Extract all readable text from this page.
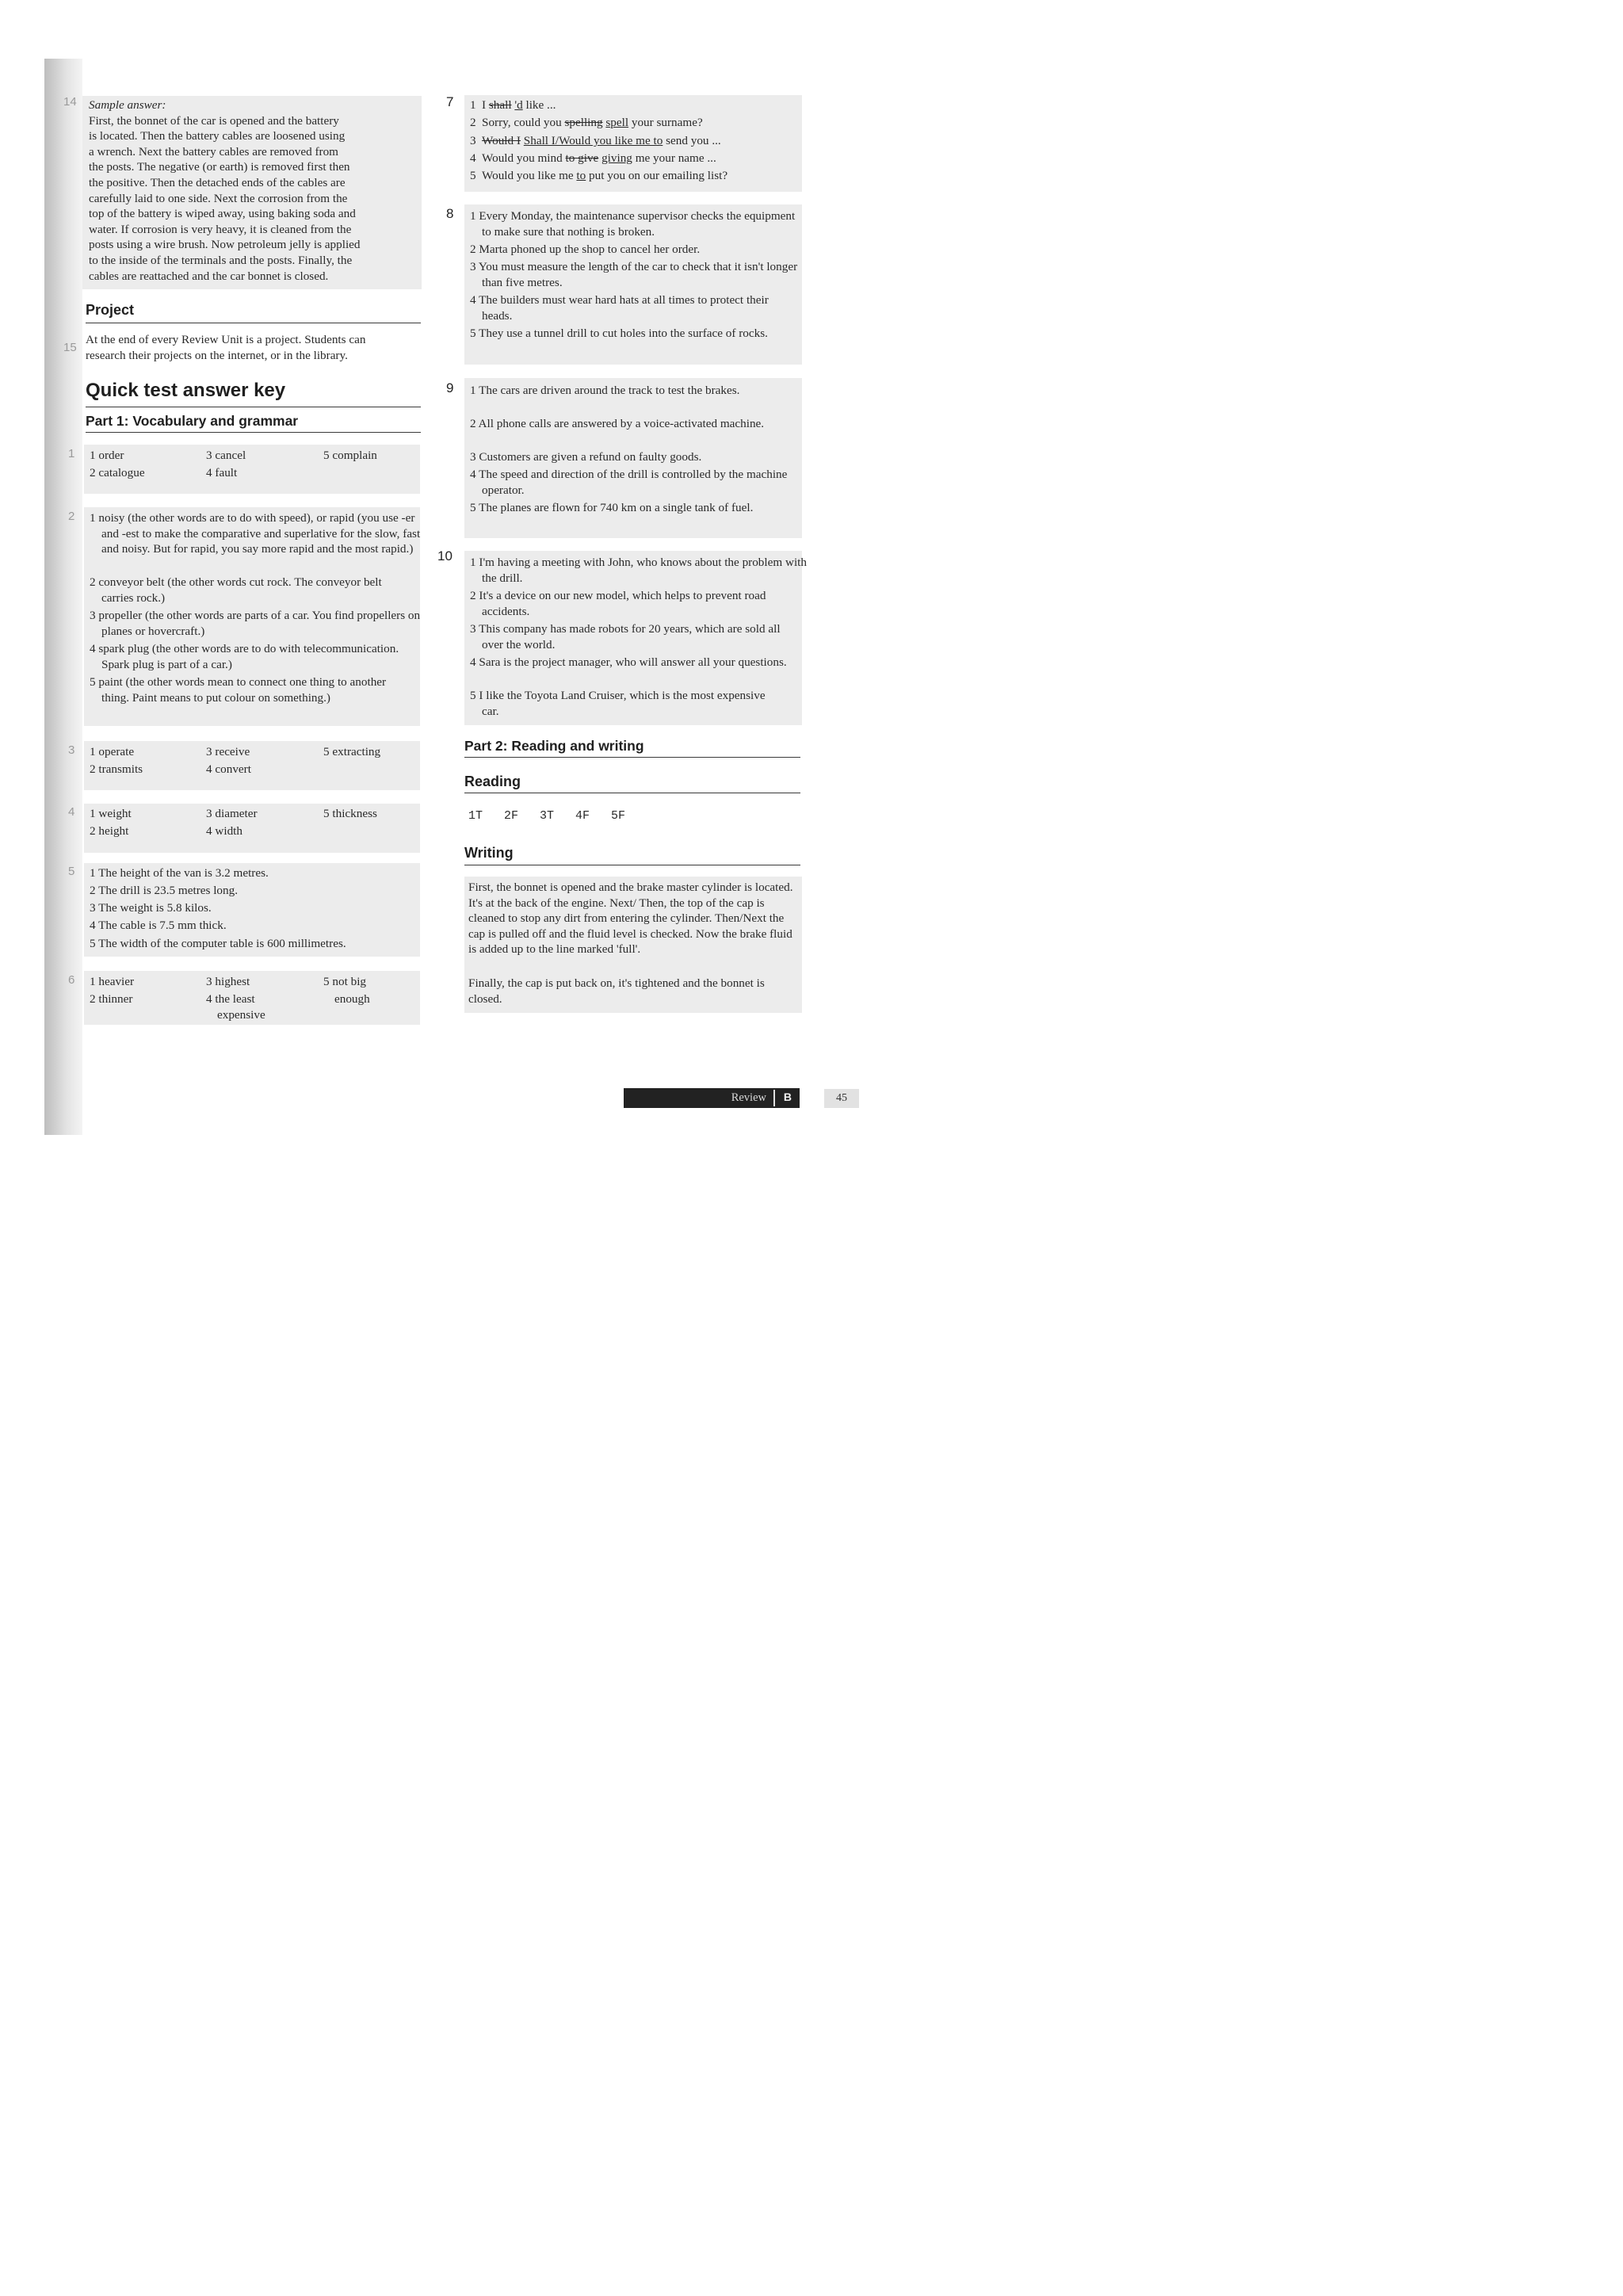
14 Sample answer:
First, the bonnet of the car is opened and the battery
is located. Then the battery cables are loosened using
a wrench. Next the battery cables are removed from
the posts. The negative (or earth) is removed first then
the positive. Then the detached ends of the cables are
carefully laid to one side. Next the corrosion from the
top of the battery is wiped away, using baking soda and
water. If corrosion is very heavy, it is cleaned from the
posts using a wire brush. Now petroleum jelly is applied
to the inside of the terminals and the posts. Finally, the
cables are reattached and the car bonnet is closed.
Project
15
At the end of every Review Unit is a project. Students can
research their projects on the internet, or in the library.
Quick test answer key
Part 1: Vocabulary and grammar
1 1 order
2 catalogue
3 cancel
4 fault
5 complain
2 1 noisy (the other words are to do with speed), or rapid (you use -er and -est to make the comparative and superlative for the slow, fast and noisy. But for rapid, you say more rapid and the most rapid.)
2 conveyor belt (the other words cut rock. The conveyor belt carries rock.)
3 propeller (the other words are parts of a car. You find propellers on planes or hovercraft.)
4 spark plug (the other words are to do with telecommunication. Spark plug is part of a car.)
5 paint (the other words mean to connect one thing to another thing. Paint means to put colour on something.)
3 1 operate
2 transmits
3 receive
4 convert
5 extracting
4 1 weight
2 height
3 diameter
4 width
5 thickness
5 1 The height of the van is 3.2 metres.
2 The drill is 23.5 metres long.
3 The weight is 5.8 kilos.
4 The cable is 7.5 mm thick.
5 The width of the computer table is 600 millimetres.
6 1 heavier
2 thinner
3 highest
4 the least
expensive
5 not big
enough
7 1 I shall 'd like ...
2 Sorry, could you spelling spell your surname?
3 Would I Shall I/Would you like me to send you ...
4 Would you mind to give giving me your name ...
5 Would you like me to put you on our emailing list?
8 1 Every Monday, the maintenance supervisor checks the equipment to make sure that nothing is broken.
2 Marta phoned up the shop to cancel her order.
3 You must measure the length of the car to check that it isn't longer than five metres.
4 The builders must wear hard hats at all times to protect their heads.
5 They use a tunnel drill to cut holes into the surface of rocks.
9 1 The cars are driven around the track to test the brakes.
2 All phone calls are answered by a voice-activated machine.
3 Customers are given a refund on faulty goods.
4 The speed and direction of the drill is controlled by the machine operator.
5 The planes are flown for 740 km on a single tank of fuel.
10 1 I'm having a meeting with John, who knows about the problem with the drill.
2 It's a device on our new model, which helps to prevent road accidents.
3 This company has made robots for 20 years, which are sold all over the world.
4 Sara is the project manager, who will answer all your questions.
5 I like the Toyota Land Cruiser, which is the most expensive car.
Part 2: Reading and writing
Reading
1T   2F   3T   4F   5F
Writing
First, the bonnet is opened and the brake master cylinder is located. It's at the back of the engine. Next/ Then, the top of the cap is cleaned to stop any dirt from entering the cylinder. Then/Next the cap is pulled off and the fluid level is checked. Now the brake fluid is added up to the line marked 'full'.
Finally, the cap is put back on, it's tightened and the bonnet is closed.
Review B	45
